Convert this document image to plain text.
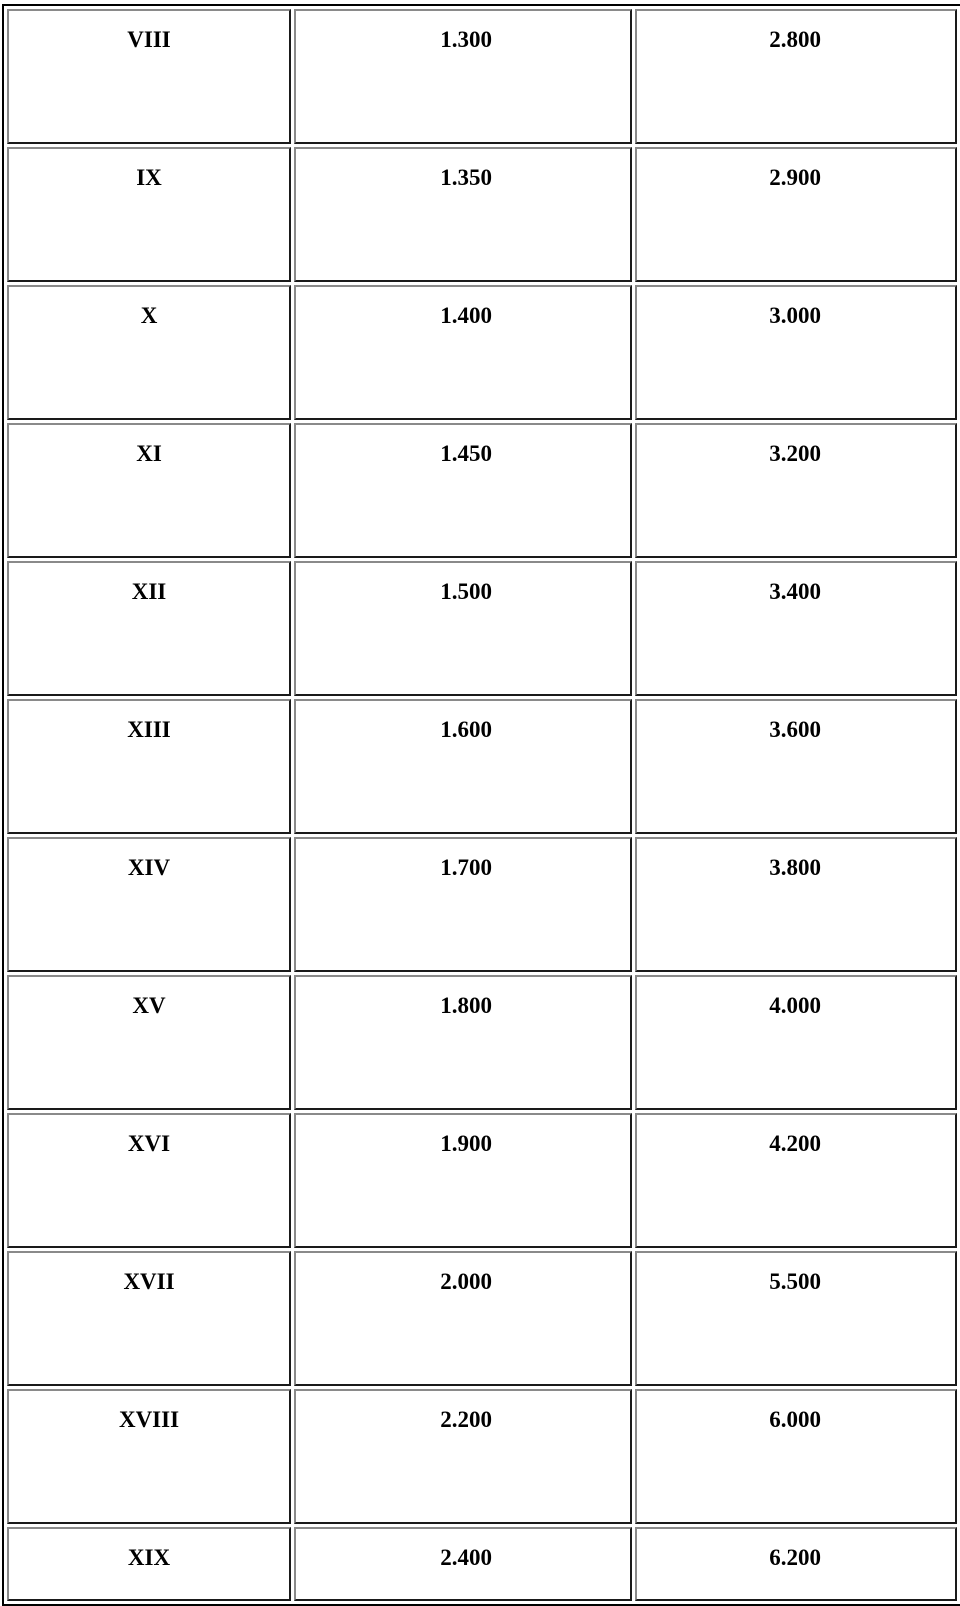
VIII	1.300	2.800
IX	1.350	2.900
X	1.400	3.000
XI	1.450	3.200
XII	1.500	3.400
XIII	1.600	3.600
XIV	1.700	3.800
XV	1.800	4.000
XVI	1.900	4.200
XVII	2.000	5.500
XVIII	2.200	6.000
XIX	2.400	6.200
